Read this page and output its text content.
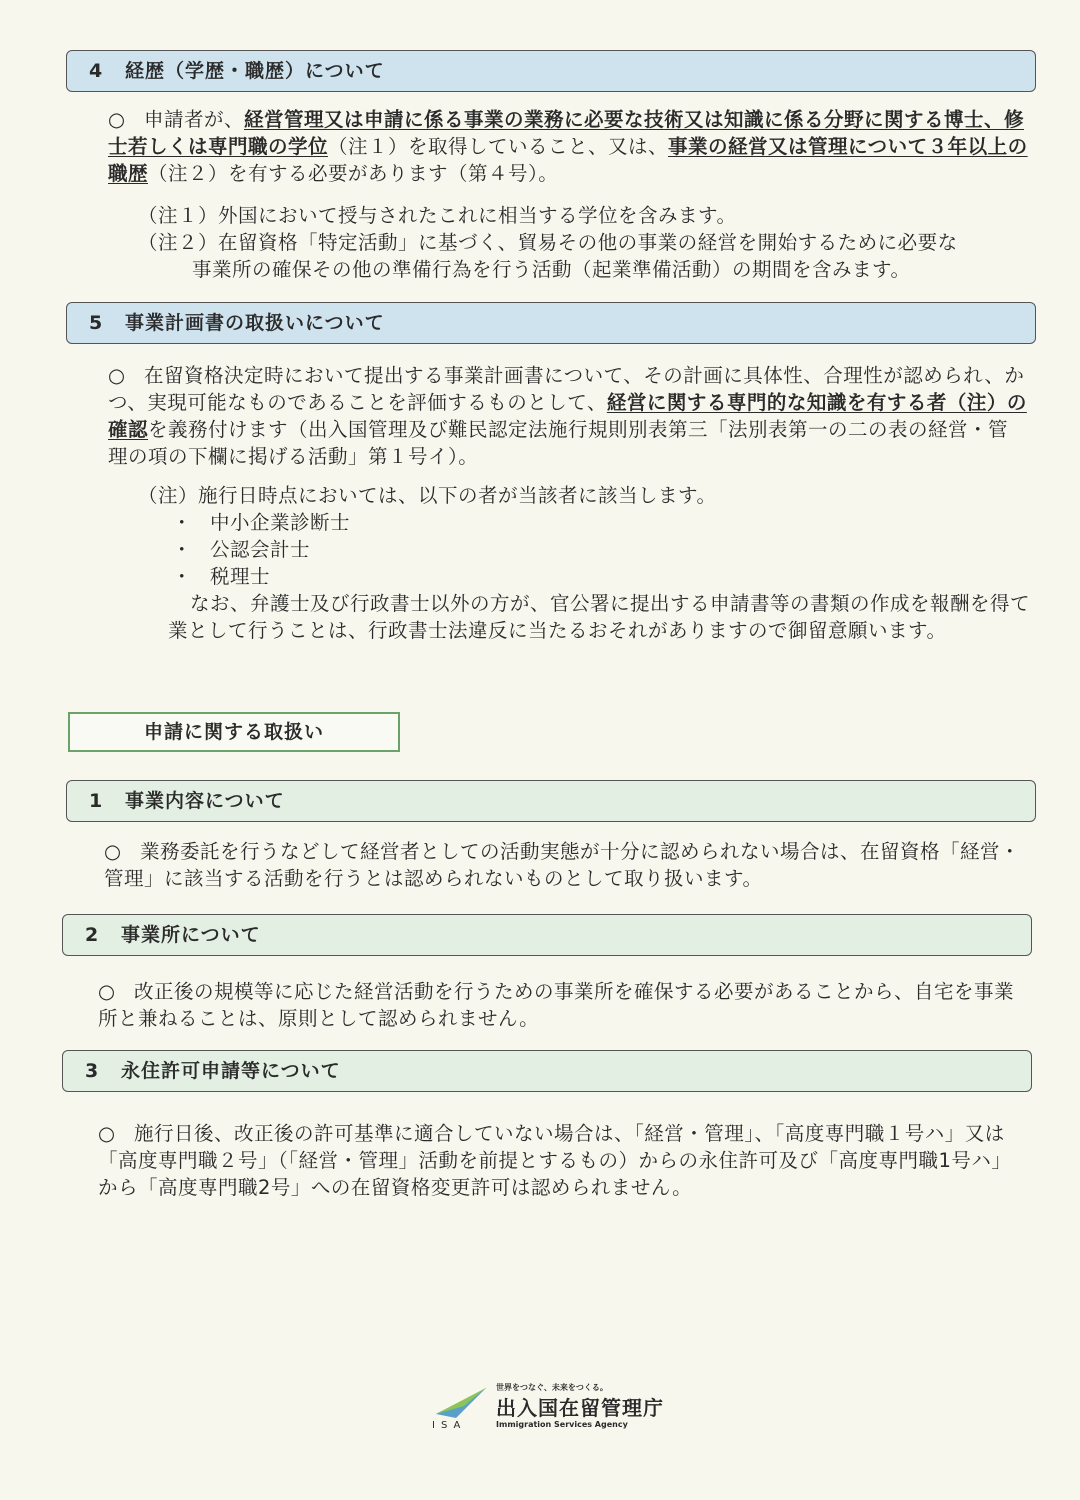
4 経歴（学歴・職歴）について
○ 申請者が、経営管理又は申請に係る事業の業務に必要な技術又は知識に係る分野に関する博士、修士若しくは専門職の学位（注１）を取得していること、又は、事業の経営又は管理について３年以上の職歴（注２）を有する必要があります（第４号）。
（注１）外国において授与されたこれに相当する学位を含みます。
（注２）在留資格「特定活動」に基づく、貿易その他の事業の経営を開始するために必要な
事業所の確保その他の準備行為を行う活動（起業準備活動）の期間を含みます。
5 事業計画書の取扱いについて
○ 在留資格決定時において提出する事業計画書について、その計画に具体性、合理性が認められ、かつ、実現可能なものであることを評価するものとして、経営に関する専門的な知識を有する者（注）の確認を義務付けます（出入国管理及び難民認定法施行規則別表第三「法別表第一の二の表の経営・管理の項の下欄に掲げる活動」第１号イ）。
（注）施行日時点においては、以下の者が当該者に該当します。
・ 中小企業診断士
・ 公認会計士
・ 税理士
なお、弁護士及び行政書士以外の方が、官公署に提出する申請書等の書類の作成を報酬を得て業として行うことは、行政書士法違反に当たるおそれがありますので御留意願います。
申請に関する取扱い
1 事業内容について
○ 業務委託を行うなどして経営者としての活動実態が十分に認められない場合は、在留資格「経営・管理」に該当する活動を行うとは認められないものとして取り扱います。
2 事業所について
○ 改正後の規模等に応じた経営活動を行うための事業所を確保する必要があることから、自宅を事業所と兼ねることは、原則として認められません。
3 永住許可申請等について
○ 施行日後、改正後の許可基準に適合していない場合は、「経営・管理」、「高度専門職１号ハ」又は「高度専門職２号」（「経営・管理」活動を前提とするもの）からの永住許可及び「高度専門職1号ハ」から「高度専門職2号」への在留資格変更許可は認められません。
ISA
世界をつなぐ、未来をつくる。
出入国在留管理庁
Immigration Services Agency
